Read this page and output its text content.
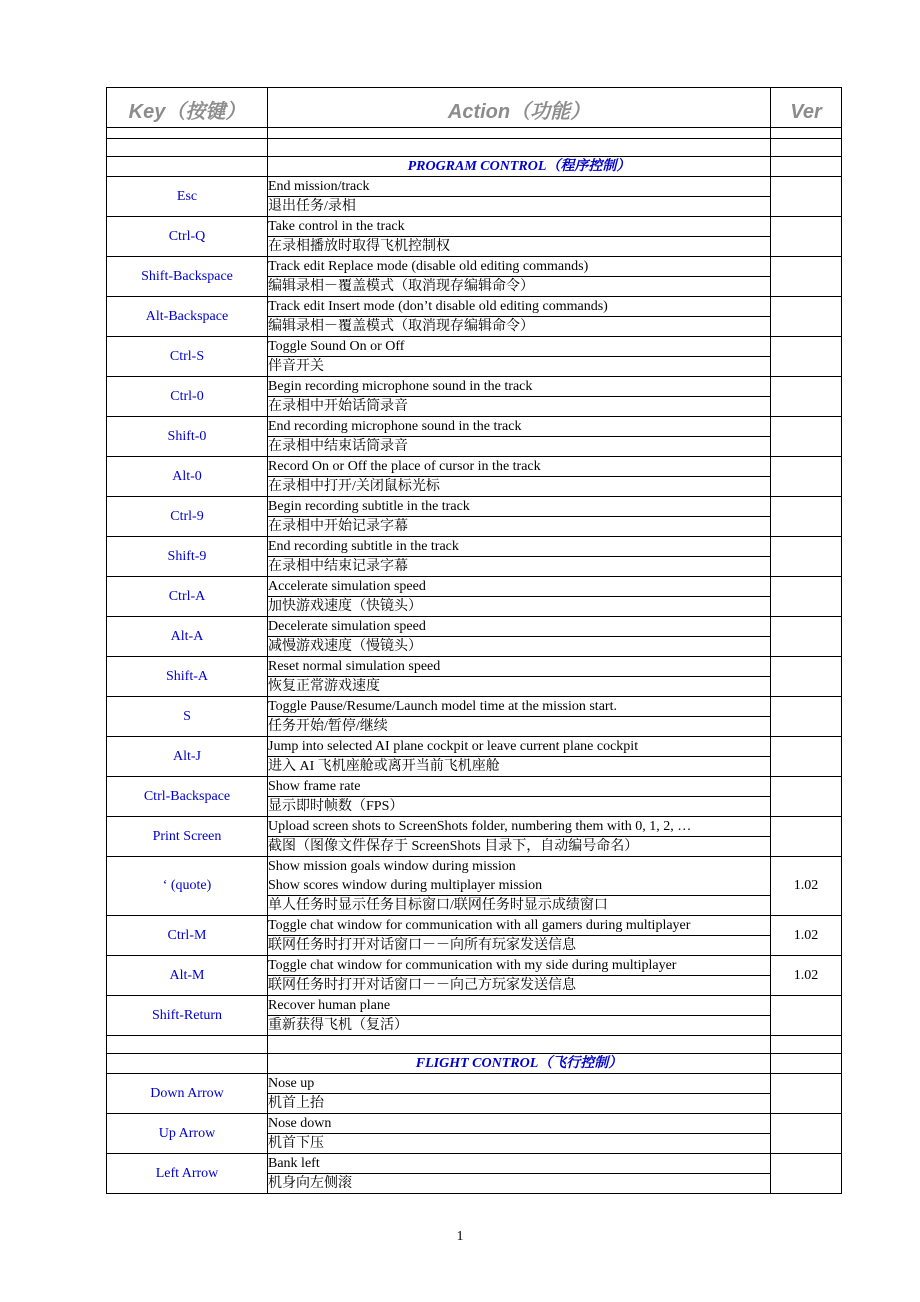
Key（按键）	Action（功能）	Ver

	PROGRAM CONTROL（程序控制）	
Esc	End mission/track	
	退出任务/录相	
Ctrl-Q	Take control in the track	
	在录相播放时取得飞机控制权	
Shift-Backspace	Track edit Replace mode (disable old editing commands)	
	编辑录相－覆盖模式（取消现存编辑命令）	
Alt-Backspace	Track edit Insert mode (don’t disable old editing commands)	
	编辑录相－覆盖模式（取消现存编辑命令）	
Ctrl-S	Toggle Sound On or Off	
	伴音开关	
Ctrl-0	Begin recording microphone sound in the track	
	在录相中开始话筒录音	
Shift-0	End recording microphone sound in the track	
	在录相中结束话筒录音	
Alt-0	Record On or Off the place of cursor in the track	
	在录相中打开/关闭鼠标光标	
Ctrl-9	Begin recording subtitle in the track	
	在录相中开始记录字幕	
Shift-9	End recording subtitle in the track	
	在录相中结束记录字幕	
Ctrl-A	Accelerate simulation speed	
	加快游戏速度（快镜头）	
Alt-A	Decelerate simulation speed	
	减慢游戏速度（慢镜头）	
Shift-A	Reset normal simulation speed	
	恢复正常游戏速度	
S	Toggle Pause/Resume/Launch model time at the mission start.	
	任务开始/暂停/继续	
Alt-J	Jump into selected AI plane cockpit or leave current plane cockpit	
	进入 AI 飞机座舱或离开当前飞机座舱	
Ctrl-Backspace	Show frame rate	
	显示即时帧数（FPS）	
Print Screen	Upload screen shots to ScreenShots folder, numbering them with 0, 1, 2, …	
	截图（图像文件保存于 ScreenShots 目录下，自动编号命名）	
‘ (quote)	Show mission goals window during mission	1.02
	Show scores window during multiplayer mission	
	单人任务时显示任务目标窗口/联网任务时显示成绩窗口	
Ctrl-M	Toggle chat window for communication with all gamers during multiplayer	1.02
	联网任务时打开对话窗口－－向所有玩家发送信息	
Alt-M	Toggle chat window for communication with my side during multiplayer	1.02
	联网任务时打开对话窗口－－向己方玩家发送信息	
Shift-Return	Recover human plane	
	重新获得飞机（复活）	

	FLIGHT CONTROL（飞行控制）	
Down Arrow	Nose up	
	机首上抬	
Up Arrow	Nose down	
	机首下压	
Left Arrow	Bank left	
	机身向左侧滚	
1
